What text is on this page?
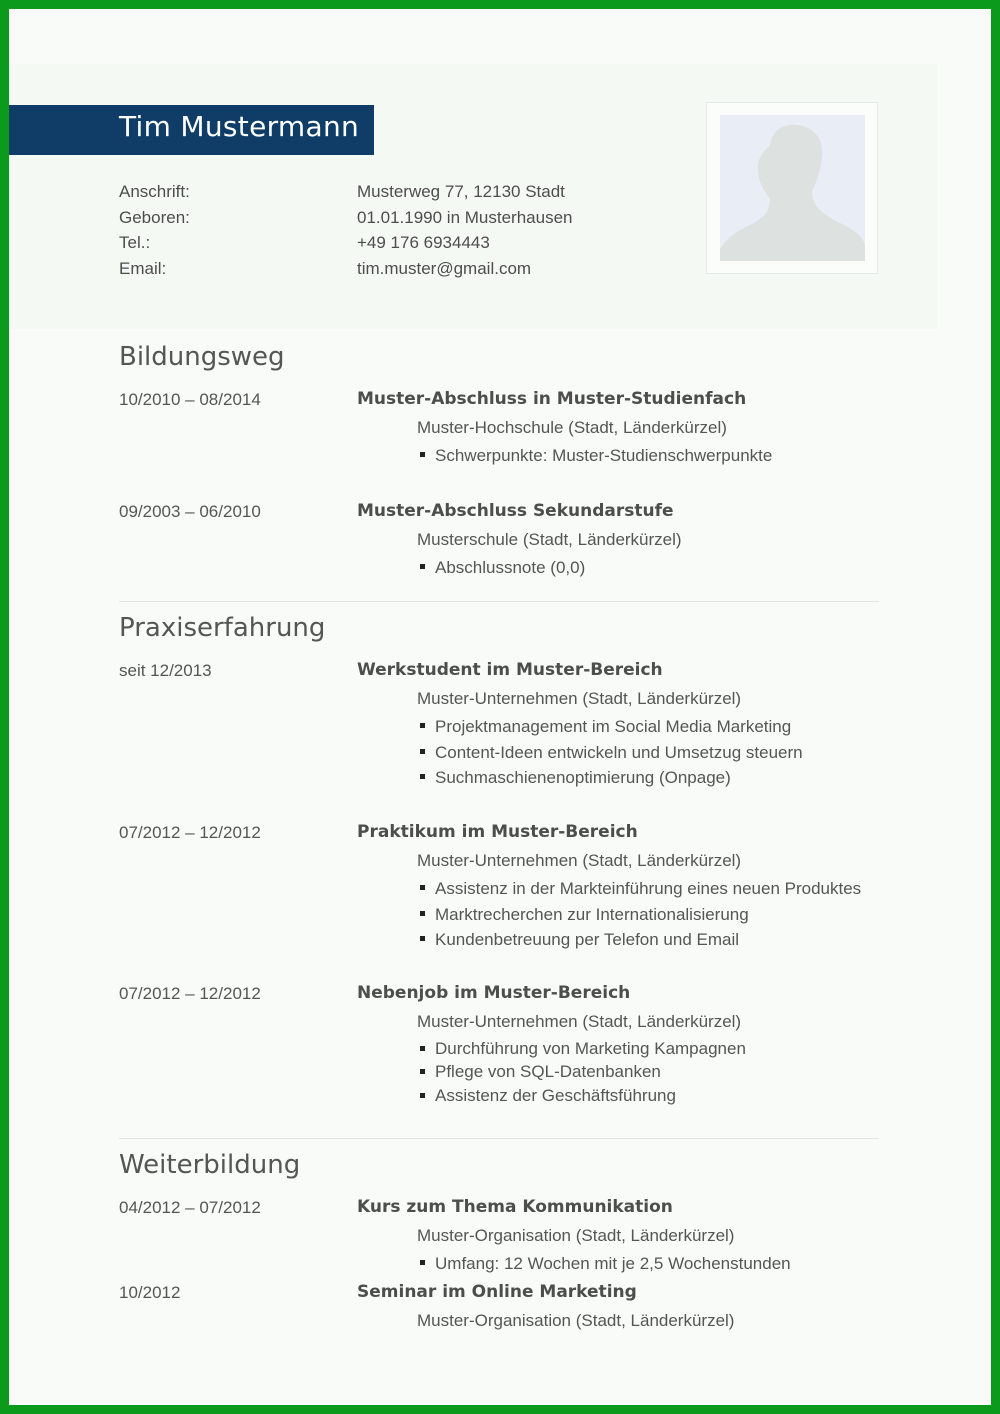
Tim Mustermann
Anschrift:	Musterweg 77, 12130 Stadt
Geboren:	01.01.1990 in Musterhausen
Tel.:	+49 176 6934443
Email:	tim.muster@gmail.com
Bildungsweg
10/2010 – 08/2014	Muster-Abschluss in Muster-Studienfach
Muster-Hochschule (Stadt, Länderkürzel)
Schwerpunkte: Muster-Studienschwerpunkte
09/2003 – 06/2010	Muster-Abschluss Sekundarstufe
Musterschule (Stadt, Länderkürzel)
Abschlussnote (0,0)
Praxiserfahrung
seit 12/2013	Werkstudent im Muster-Bereich
Muster-Unternehmen (Stadt, Länderkürzel)
Projektmanagement im Social Media Marketing
Content-Ideen entwickeln und Umsetzug steuern
Suchmaschienenoptimierung (Onpage)
07/2012 – 12/2012	Praktikum im Muster-Bereich
Muster-Unternehmen (Stadt, Länderkürzel)
Assistenz in der Markteinführung eines neuen Produktes
Marktrecherchen zur Internationalisierung
Kundenbetreuung per Telefon und Email
07/2012 – 12/2012	Nebenjob im Muster-Bereich
Muster-Unternehmen (Stadt, Länderkürzel)
Durchführung von Marketing Kampagnen
Pflege von SQL-Datenbanken
Assistenz der Geschäftsführung
Weiterbildung
04/2012 – 07/2012	Kurs zum Thema Kommunikation
Muster-Organisation (Stadt, Länderkürzel)
Umfang: 12 Wochen mit je 2,5 Wochenstunden
10/2012	Seminar im Online Marketing
Muster-Organisation (Stadt, Länderkürzel)
